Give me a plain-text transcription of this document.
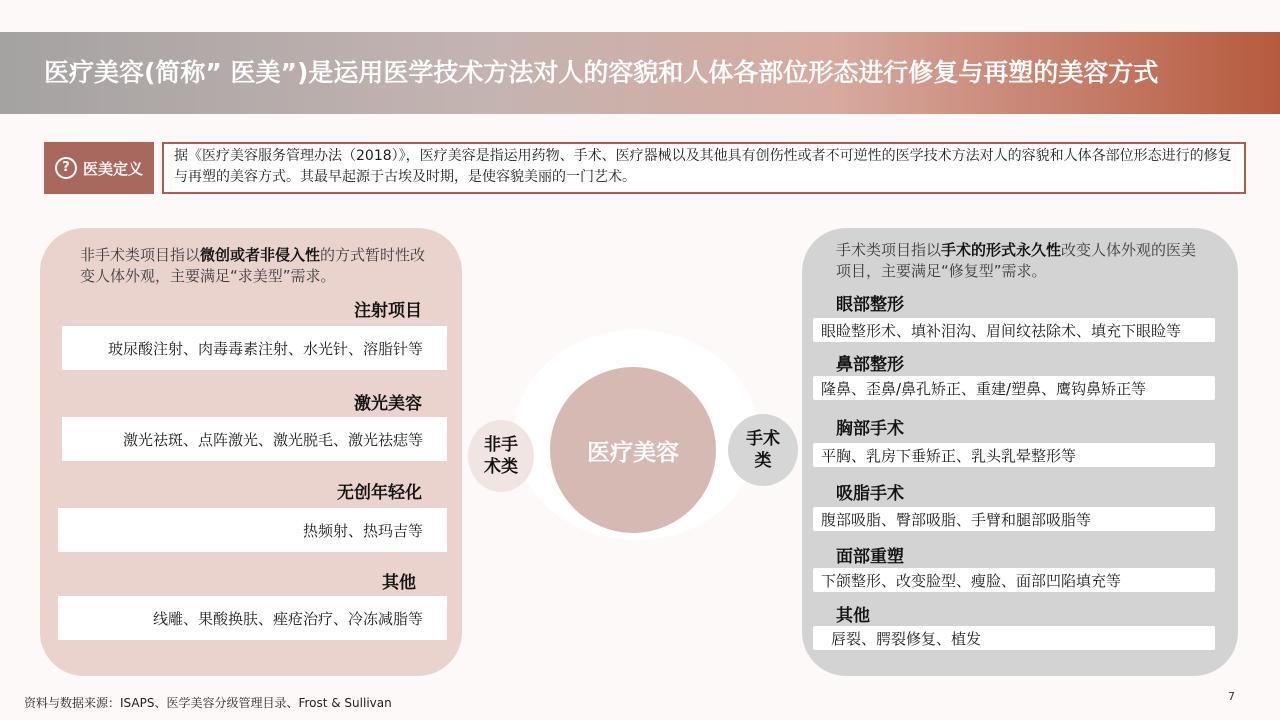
医疗美容(简称” 医美”)是运用医学技术方法对人的容貌和人体各部位形态进行修复与再塑的美容方式
? 医美定义
据《医疗美容服务管理办法（2018）》，医疗美容是指运用药物、手术、医疗器械以及其他具有创伤性或者不可逆性的医学技术方法对人的容貌和人体各部位形态进行的修复与再塑的美容方式。其最早起源于古埃及时期，是使容貌美丽的一门艺术。
非手术类项目指以微创或者非侵入性的方式暂时性改变人体外观，主要满足“求美型”需求。
注射项目
玻尿酸注射、肉毒毒素注射、水光针、溶脂针等
激光美容
激光祛斑、点阵激光、激光脱毛、激光祛痣等
无创年轻化
热频射、热玛吉等
其他
线雕、果酸换肤、痤疮治疗、冷冻减脂等
医疗美容
非手术类
手术类
手术类项目指以手术的形式永久性改变人体外观的医美项目，主要满足“修复型”需求。
眼部整形
眼睑整形术、填补泪沟、眉间纹祛除术、填充下眼睑等
鼻部整形
隆鼻、歪鼻/鼻孔矫正、重建/塑鼻、鹰钩鼻矫正等
胸部手术
平胸、乳房下垂矫正、乳头乳晕整形等
吸脂手术
腹部吸脂、臀部吸脂、手臂和腿部吸脂等
面部重塑
下颌整形、改变脸型、瘦脸、面部凹陷填充等
其他
唇裂、腭裂修复、植发
资料与数据来源：ISAPS、医学美容分级管理目录、Frost & Sullivan	7
